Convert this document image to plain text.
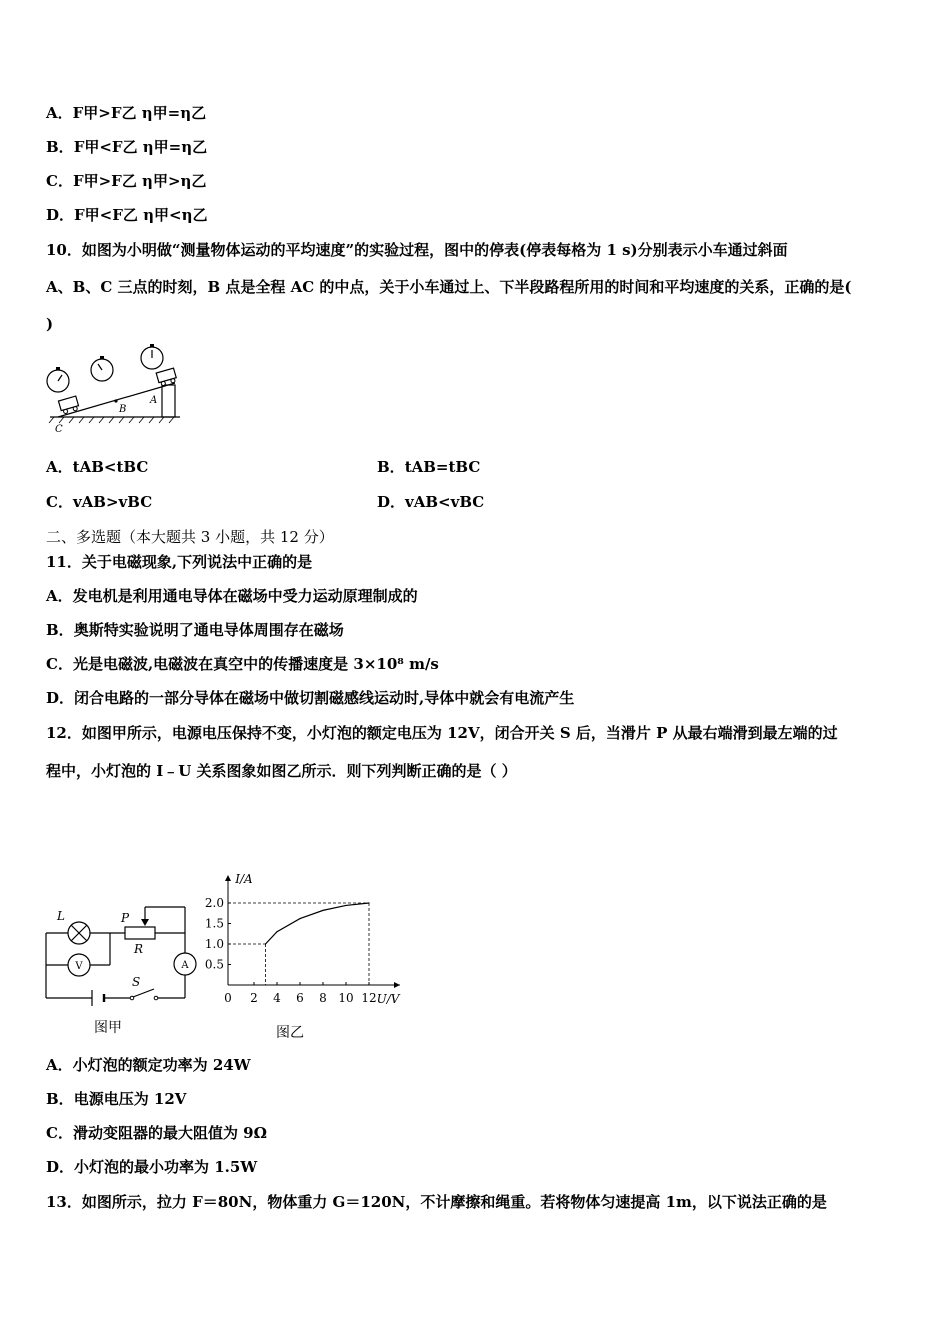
A．F甲>F乙 η甲=η乙
B．F甲<F乙 η甲=η乙
C．F甲>F乙 η甲>η乙
D．F甲<F乙 η甲<η乙
10．如图为小明做“测量物体运动的平均速度”的实验过程，图中的停表(停表每格为 1 s)分别表示小车通过斜面
A、B、C 三点的时刻，B 点是全程 AC 的中点，关于小车通过上、下半段路程所用的时间和平均速度的关系，正确的是(
)
A
B
C
A．tAB<tBC	B．tAB=tBC
C．vAB>vBC	D．vAB<vBC
二、多选题（本大题共 3 小题，共 12 分）
11．关于电磁现象,下列说法中正确的是
A．发电机是利用通电导体在磁场中受力运动原理制成的
B．奥斯特实验说明了通电导体周围存在磁场
C．光是电磁波,电磁波在真空中的传播速度是 3×10⁸ m/s
D．闭合电路的一部分导体在磁场中做切割磁感线运动时,导体中就会有电流产生
12．如图甲所示，电源电压保持不变，小灯泡的额定电压为 12V，闭合开关 S 后，当滑片 P 从最右端滑到最左端的过
程中，小灯泡的 I﹣U 关系图象如图乙所示．则下列判断正确的是（ ）
V	A
L	P
R
S
图甲
I/A
U/V
0 2 4 6 8 10 12
0.5
1.0
1.5
2.0
图乙
A．小灯泡的额定功率为 24W
B．电源电压为 12V
C．滑动变阻器的最大阻值为 9Ω
D．小灯泡的最小功率为 1.5W
13．如图所示，拉力 F＝80N，物体重力 G＝120N，不计摩擦和绳重。若将物体匀速提高 1m，以下说法正确的是
